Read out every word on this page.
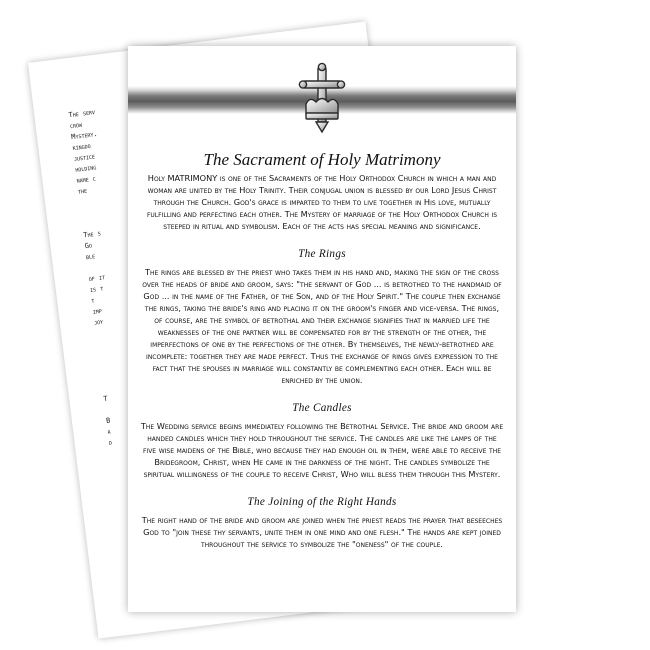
The serv
crow
Mystery.
kingdo
justice
holding
name c
the

The s
Go
ble

of it
is t
t
imp
joy

T

B
a
d
The Sacrament of Holy Matrimony

Holy MATRIMONY is one of the Sacraments of the Holy Orthodox Church in which a man and woman are united by the Holy Trinity. Their conjugal union is blessed by our Lord Jesus Christ through the Church. God's grace is imparted to them to live together in His love, mutually fulfilling and perfecting each other. The Mystery of marriage of the Holy Orthodox Church is steeped in ritual and symbolism. Each of the acts has special meaning and significance.

The Rings

The rings are blessed by the priest who takes them in his hand and, making the sign of the cross over the heads of bride and groom, says: "the servant of God ... is betrothed to the handmaid of God ... in the name of the Father, of the Son, and of the Holy Spirit." The couple then exchange the rings, taking the bride's ring and placing it on the groom's finger and vice-versa. The rings, of course, are the symbol of betrothal and their exchange signifies that in married life the weaknesses of the one partner will be compensated for by the strength of the other, the imperfections of one by the perfections of the other. By themselves, the newly-betrothed are incomplete: together they are made perfect. Thus the exchange of rings gives expression to the fact that the spouses in marriage will constantly be complementing each other. Each will be enriched by the union.

The Candles

The Wedding service begins immediately following the Betrothal Service. The bride and groom are handed candles which they hold throughout the service. The candles are like the lamps of the five wise maidens of the Bible, who because they had enough oil in them, were able to receive the Bridegroom, Christ, when He came in the darkness of the night. The candles symbolize the spiritual willingness of the couple to receive Christ, Who will bless them through this Mystery.

The Joining of the Right Hands

The right hand of the bride and groom are joined when the priest reads the prayer that beseeches God to "join these thy servants, unite them in one mind and one flesh." The hands are kept joined throughout the service to symbolize the "oneness" of the couple.
